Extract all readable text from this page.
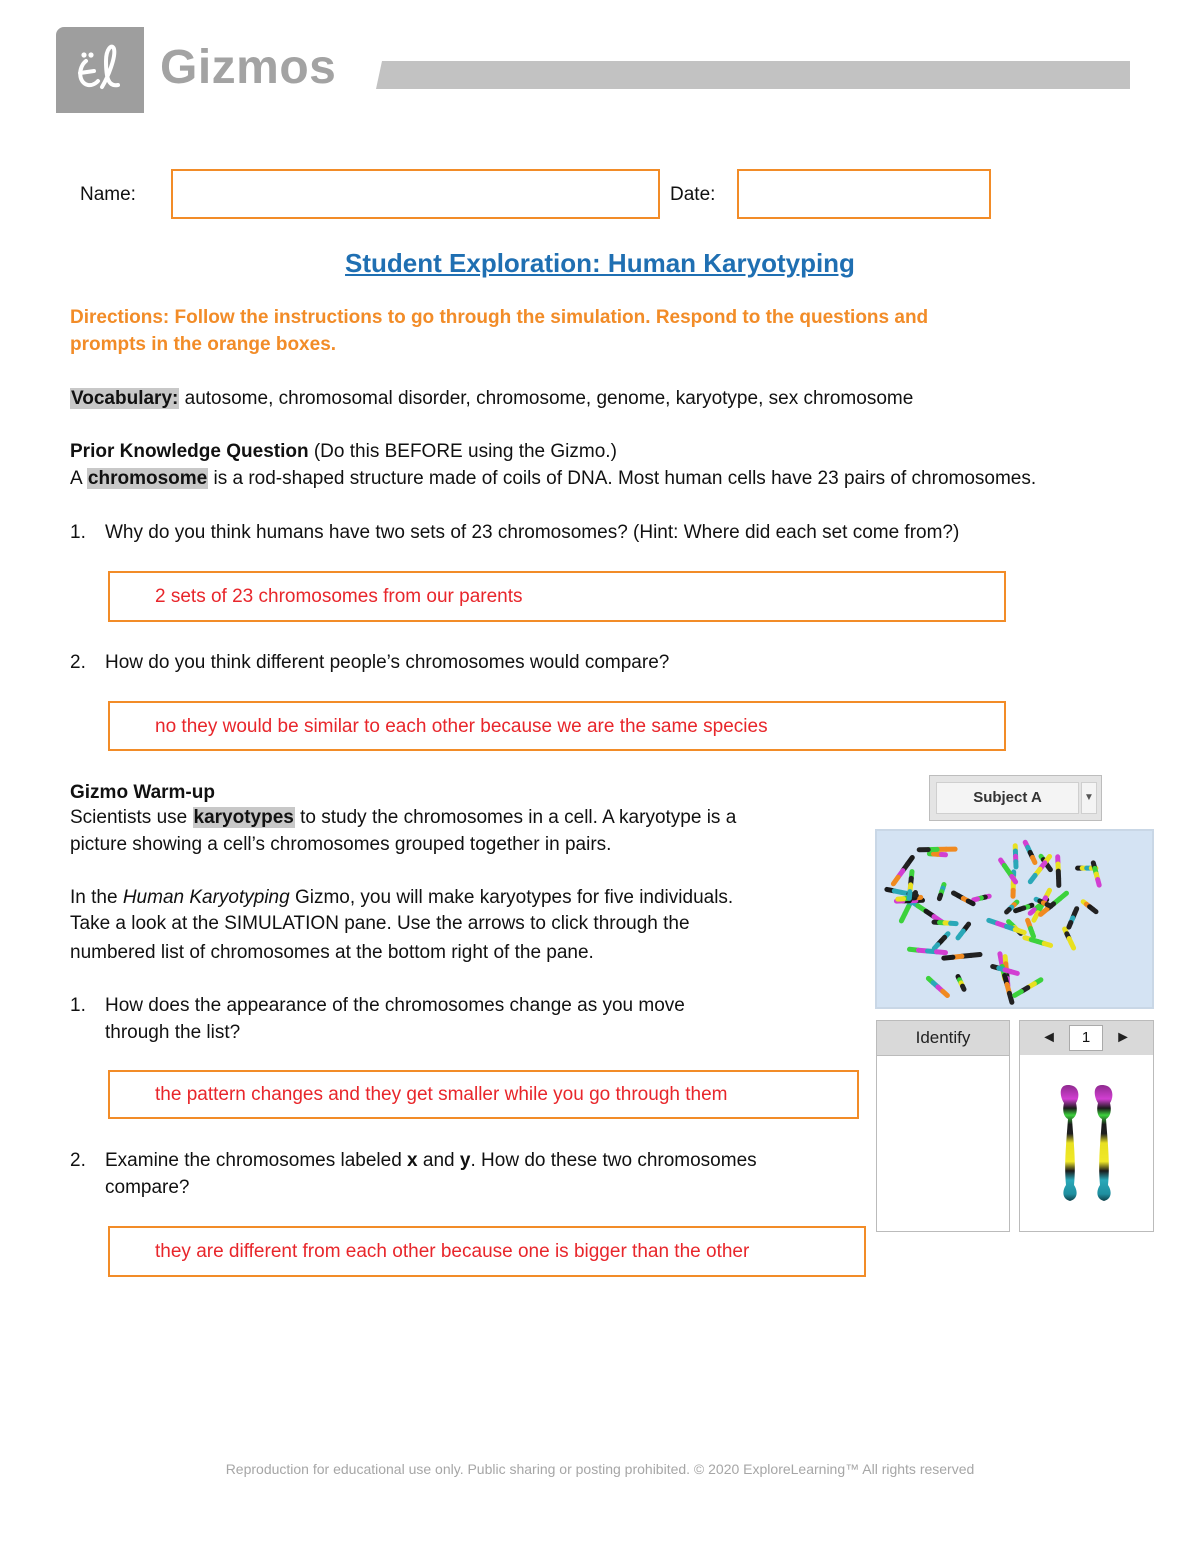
Gizmos
Name:	Date:
Student Exploration: Human Karyotyping
Directions: Follow the instructions to go through the simulation. Respond to the questions and
prompts in the orange boxes.
Vocabulary: autosome, chromosomal disorder, chromosome, genome, karyotype, sex chromosome
Prior Knowledge Question (Do this BEFORE using the Gizmo.)
A chromosome is a rod-shaped structure made of coils of DNA. Most human cells have 23 pairs of chromosomes.
1. Why do you think humans have two sets of 23 chromosomes? (Hint: Where did each set come from?)
2 sets of 23 chromosomes from our parents
2. How do you think different people’s chromosomes would compare?
no they would be similar to each other because we are the same species
Gizmo Warm-up
Scientists use karyotypes to study the chromosomes in a cell. A karyotype is a
picture showing a cell’s chromosomes grouped together in pairs.
In the Human Karyotyping Gizmo, you will make karyotypes for five individuals.
Take a look at the SIMULATION pane. Use the arrows to click through the
numbered list of chromosomes at the bottom right of the pane.
1. How does the appearance of the chromosomes change as you move
through the list?
the pattern changes and they get smaller while you go through them
2. Examine the chromosomes labeled x and y. How do these two chromosomes
compare?
they are different from each other because one is bigger than the other
Subject A	▼
Identify	◄	1	►
Reproduction for educational use only. Public sharing or posting prohibited. © 2020 ExploreLearning™ All rights reserved
